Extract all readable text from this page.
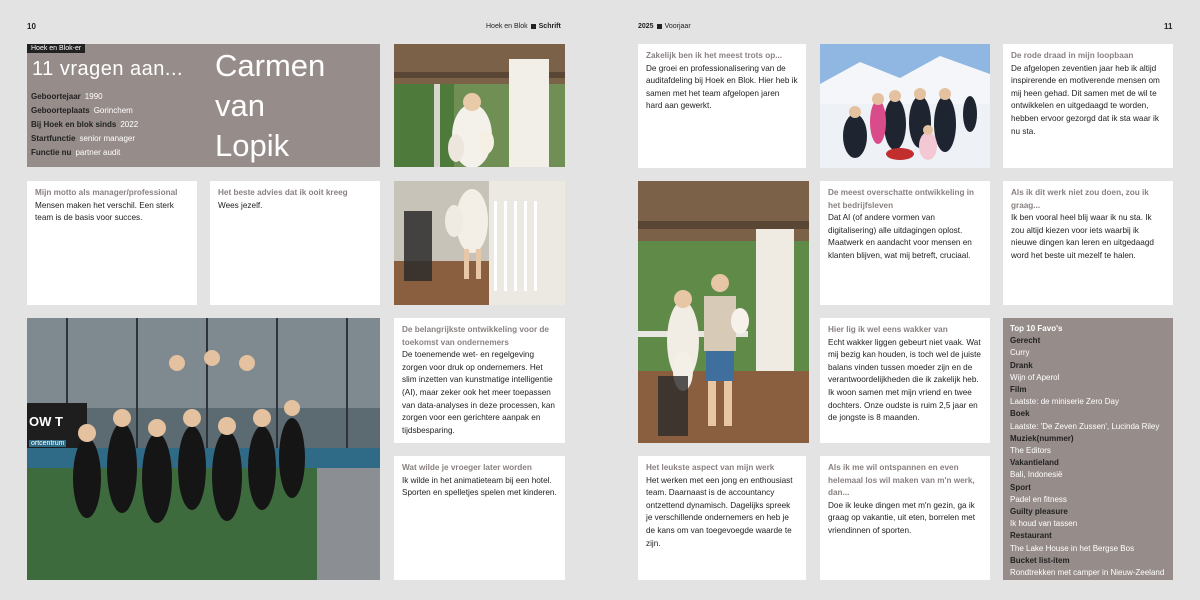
10	Hoek en Blok Schrift	2025 Voorjaar	11
Hoek en Blok-er
11 vragen aan... Carmen
van
Lopik
Geboortejaar 1990
Geboorteplaats Gorinchem
Bij Hoek en blok sinds 2022
Startfunctie senior manager
Functie nu partner audit
Mijn motto als manager/professional
Mensen maken het verschil. Een sterk team is de basis voor succes.
Het beste advies dat ik ooit kreeg
Wees jezelf.
OW T
ortcentrum
De belangrijkste ontwikkeling voor de toekomst van ondernemers
De toenemende wet- en regelgeving zorgen voor druk op ondernemers. Het slim inzetten van kunstmatige intelligentie (AI), maar zeker ook het meer toepassen van data-analyses in deze processen, kan zorgen voor een gerichtere aanpak en tijdsbesparing.
Wat wilde je vroeger later worden
Ik wilde in het animatieteam bij een hotel. Sporten en spelletjes spelen met kinderen.
Zakelijk ben ik het meest trots op...
De groei en professionalisering van de auditafdeling bij Hoek en Blok. Hier heb ik samen met het team afgelopen jaren hard aan gewerkt.
De rode draad in mijn loopbaan
De afgelopen zeventien jaar heb ik altijd inspirerende en motiverende mensen om mij heen gehad. Dit samen met de wil te ontwikkelen en uitgedaagd te worden, hebben ervoor gezorgd dat ik sta waar ik nu sta.
De meest overschatte ontwikkeling in het bedrijfsleven
Dat AI (of andere vormen van digitalisering) alle uitdagingen oplost. Maatwerk en aandacht voor mensen en klanten blijven, wat mij betreft, cruciaal.
Als ik dit werk niet zou doen, zou ik graag...
Ik ben vooral heel blij waar ik nu sta. Ik zou altijd kiezen voor iets waarbij ik nieuwe dingen kan leren en uitgedaagd word het beste uit mezelf te halen.
Hier lig ik wel eens wakker van
Echt wakker liggen gebeurt niet vaak. Wat mij bezig kan houden, is toch wel de juiste balans vinden tussen moeder zijn en de verantwoordelijkheden die ik zakelijk heb. Ik woon samen met mijn vriend en twee dochters. Onze oudste is ruim 2,5 jaar en de jongste is 8 maanden.
Top 10 Favo's
Gerecht
Curry
Drank
Wijn of Aperol
Film
Laatste: de miniserie Zero Day
Boek
Laatste: 'De Zeven Zussen', Lucinda Riley
Muziek(nummer)
The Editors
Vakantieland
Bali, Indonesië
Sport
Padel en fitness
Guilty pleasure
Ik houd van tassen
Restaurant
The Lake House in het Bergse Bos
Bucket list-item
Rondtrekken met camper in Nieuw-Zeeland
Het leukste aspect van mijn werk
Het werken met een jong en enthousiast team. Daarnaast is de accountancy ontzettend dynamisch. Dagelijks spreek je verschillende ondernemers en heb je de kans om van toegevoegde waarde te zijn.
Als ik me wil ontspannen en even helemaal los wil maken van m'n werk, dan...
Doe ik leuke dingen met m'n gezin, ga ik graag op vakantie, uit eten, borrelen met vriendinnen of sporten.
